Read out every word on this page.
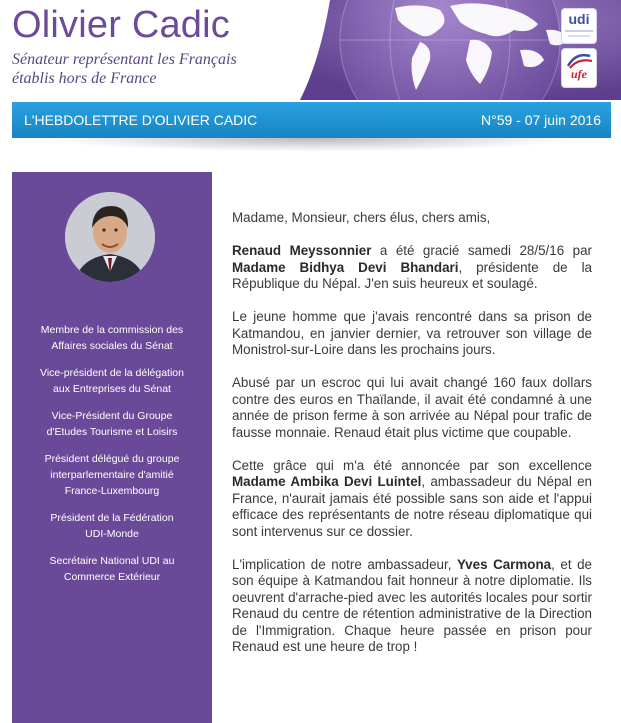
Olivier Cadic
Sénateur représentant les Français
établis hors de France
udi
ufe
L'HEBDOLETTRE D'OLIVIER CADIC	N°59 - 07 juin 2016
Membre de la commission des
Affaires sociales du Sénat
Vice-président de la délégation
aux Entreprises du Sénat
Vice-Président du Groupe
d'Etudes Tourisme et Loisirs
Président délégué du groupe
interparlementaire d'amitié
France-Luxembourg
Président de la Fédération
UDI-Monde
Secrétaire National UDI au
Commerce Extérieur

Madame, Monsieur, chers élus, chers amis,

Renaud Meyssonnier a été gracié samedi 28/5/16 par Madame Bidhya Devi Bhandari, présidente de la République du Népal. J'en suis heureux et soulagé.

Le jeune homme que j'avais rencontré dans sa prison de Katmandou, en janvier dernier, va retrouver son village de Monistrol-sur-Loire dans les prochains jours.

Abusé par un escroc qui lui avait changé 160 faux dollars contre des euros en Thaïlande, il avait été condamné à une année de prison ferme à son arrivée au Népal pour trafic de fausse monnaie. Renaud était plus victime que coupable.

Cette grâce qui m'a été annoncée par son excellence Madame Ambika Devi Luintel, ambassadeur du Népal en France, n'aurait jamais été possible sans son aide et l'appui efficace des représentants de notre réseau diplomatique qui sont intervenus sur ce dossier.

L'implication de notre ambassadeur, Yves Carmona, et de son équipe à Katmandou fait honneur à notre diplomatie. Ils oeuvrent d'arrache-pied avec les autorités locales pour sortir Renaud du centre de rétention administrative de la Direction de l'Immigration. Chaque heure passée en prison pour Renaud est une heure de trop !
